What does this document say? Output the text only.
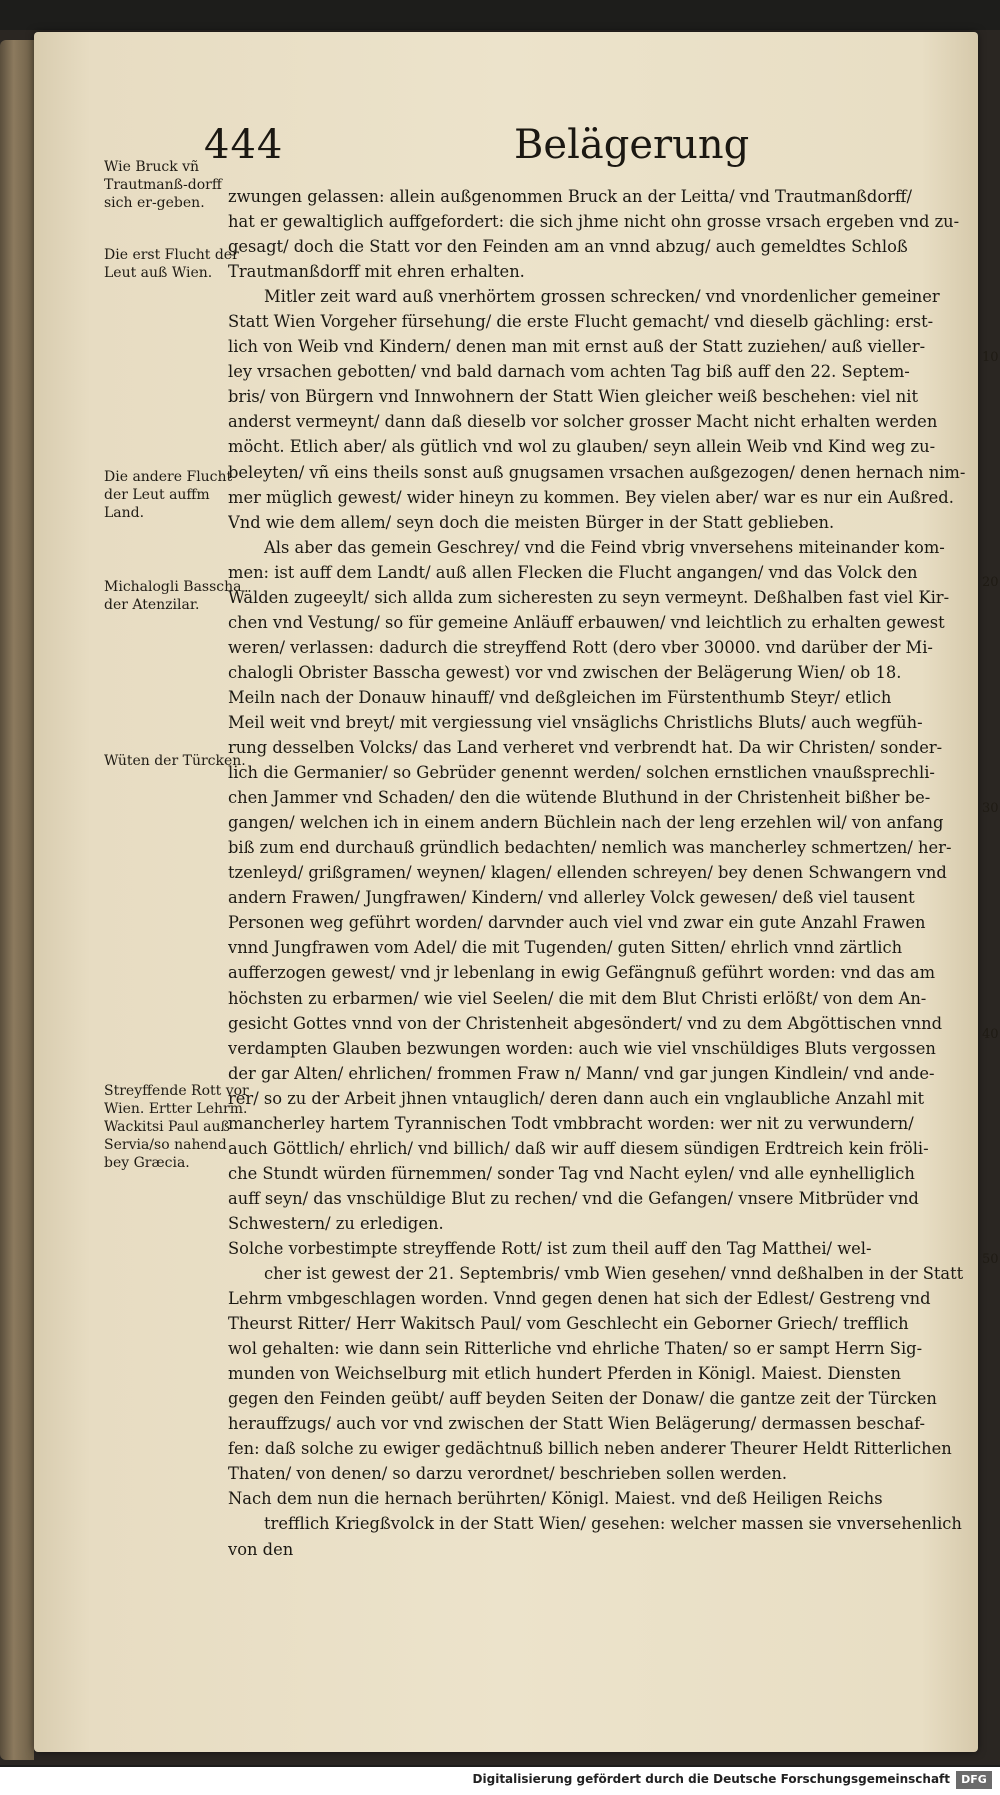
444	Belägerung
Wie Bruck vñ Trautmanß-dorff sich er-geben.
Die erst Flucht der Leut auß Wien.
Die andere Flucht der Leut auffm Land.
Michalogli Basscha der Atenzilar.
Wüten der Türcken.
Streyffende Rott vor Wien. Ertter Lehrm. Wackitsi Paul auß Servia/so nahend bey Græcia.
10
20
30
40
50
zwungen gelassen: allein außgenommen Bruck an der Leitta/ vnd Trautmanßdorff/
hat er gewaltiglich auffgefordert: die sich jhme nicht ohn grosse vrsach ergeben vnd zu-
gesagt/ doch die Statt vor den Feinden am an vnnd abzug/ auch gemeldtes Schloß
Trautmanßdorff mit ehren erhalten.
Mitler zeit ward auß vnerhörtem grossen schrecken/ vnd vnordenlicher gemeiner
Statt Wien Vorgeher fürsehung/ die erste Flucht gemacht/ vnd dieselb gächling: erst-
lich von Weib vnd Kindern/ denen man mit ernst auß der Statt zuziehen/ auß vieller-
ley vrsachen gebotten/ vnd bald darnach vom achten Tag biß auff den 22. Septem-
bris/ von Bürgern vnd Innwohnern der Statt Wien gleicher weiß beschehen: viel nit
anderst vermeynt/ dann daß dieselb vor solcher grosser Macht nicht erhalten werden
möcht. Etlich aber/ als gütlich vnd wol zu glauben/ seyn allein Weib vnd Kind weg zu-
beleyten/ vñ eins theils sonst auß gnugsamen vrsachen außgezogen/ denen hernach nim-
mer müglich gewest/ wider hineyn zu kommen. Bey vielen aber/ war es nur ein Außred.
Vnd wie dem allem/ seyn doch die meisten Bürger in der Statt geblieben.
Als aber das gemein Geschrey/ vnd die Feind vbrig vnversehens miteinander kom-
men: ist auff dem Landt/ auß allen Flecken die Flucht angangen/ vnd das Volck den
Wälden zugeeylt/ sich allda zum sicheresten zu seyn vermeynt. Deßhalben fast viel Kir-
chen vnd Vestung/ so für gemeine Anläuff erbauwen/ vnd leichtlich zu erhalten gewest
weren/ verlassen: dadurch die streyffend Rott (dero vber 30000. vnd darüber der Mi-
chalogli Obrister Basscha gewest) vor vnd zwischen der Belägerung Wien/ ob 18.
Meiln nach der Donauw hinauff/ vnd deßgleichen im Fürstenthumb Steyr/ etlich
Meil weit vnd breyt/ mit vergiessung viel vnsäglichs Christlichs Bluts/ auch wegfüh-
rung desselben Volcks/ das Land verheret vnd verbrendt hat. Da wir Christen/ sonder-
lich die Germanier/ so Gebrüder genennt werden/ solchen ernstlichen vnaußsprechli-
chen Jammer vnd Schaden/ den die wütende Bluthund in der Christenheit bißher be-
gangen/ welchen ich in einem andern Büchlein nach der leng erzehlen wil/ von anfang
biß zum end durchauß gründlich bedachten/ nemlich was mancherley schmertzen/ her-
tzenleyd/ grißgramen/ weynen/ klagen/ ellenden schreyen/ bey denen Schwangern vnd
andern Frawen/ Jungfrawen/ Kindern/ vnd allerley Volck gewesen/ deß viel tausent
Personen weg geführt worden/ darvnder auch viel vnd zwar ein gute Anzahl Frawen
vnnd Jungfrawen vom Adel/ die mit Tugenden/ guten Sitten/ ehrlich vnnd zärtlich
aufferzogen gewest/ vnd jr lebenlang in ewig Gefängnuß geführt worden: vnd das am
höchsten zu erbarmen/ wie viel Seelen/ die mit dem Blut Christi erlößt/ von dem An-
gesicht Gottes vnnd von der Christenheit abgesöndert/ vnd zu dem Abgöttischen vnnd
verdampten Glauben bezwungen worden: auch wie viel vnschüldiges Bluts vergossen
der gar Alten/ ehrlichen/ frommen Fraw n/ Mann/ vnd gar jungen Kindlein/ vnd ande-
rer/ so zu der Arbeit jhnen vntauglich/ deren dann auch ein vnglaubliche Anzahl mit
mancherley hartem Tyrannischen Todt vmbbracht worden: wer nit zu verwundern/
auch Göttlich/ ehrlich/ vnd billich/ daß wir auff diesem sündigen Erdtreich kein fröli-
che Stundt würden fürnemmen/ sonder Tag vnd Nacht eylen/ vnd alle eynhelliglich
auff seyn/ das vnschüldige Blut zu rechen/ vnd die Gefangen/ vnsere Mitbrüder vnd
Schwestern/ zu erledigen.
Solche vorbestimpte streyffende Rott/ ist zum theil auff den Tag Matthei/ wel-
cher ist gewest der 21. Septembris/ vmb Wien gesehen/ vnnd deßhalben in der Statt
Lehrm vmbgeschlagen worden. Vnnd gegen denen hat sich der Edlest/ Gestreng vnd
Theurst Ritter/ Herr Wakitsch Paul/ vom Geschlecht ein Geborner Griech/ trefflich
wol gehalten: wie dann sein Ritterliche vnd ehrliche Thaten/ so er sampt Herrn Sig-
munden von Weichselburg mit etlich hundert Pferden in Königl. Maiest. Diensten
gegen den Feinden geübt/ auff beyden Seiten der Donaw/ die gantze zeit der Türcken
herauffzugs/ auch vor vnd zwischen der Statt Wien Belägerung/ dermassen beschaf-
fen: daß solche zu ewiger gedächtnuß billich neben anderer Theurer Heldt Ritterlichen
Thaten/ von denen/ so darzu verordnet/ beschrieben sollen werden.
Nach dem nun die hernach berührten/ Königl. Maiest. vnd deß Heiligen Reichs
trefflich Kriegßvolck in der Statt Wien/ gesehen: welcher massen sie vnversehenlich
von den
Digitalisierung gefördert durch die Deutsche Forschungsgemeinschaft	DFG
